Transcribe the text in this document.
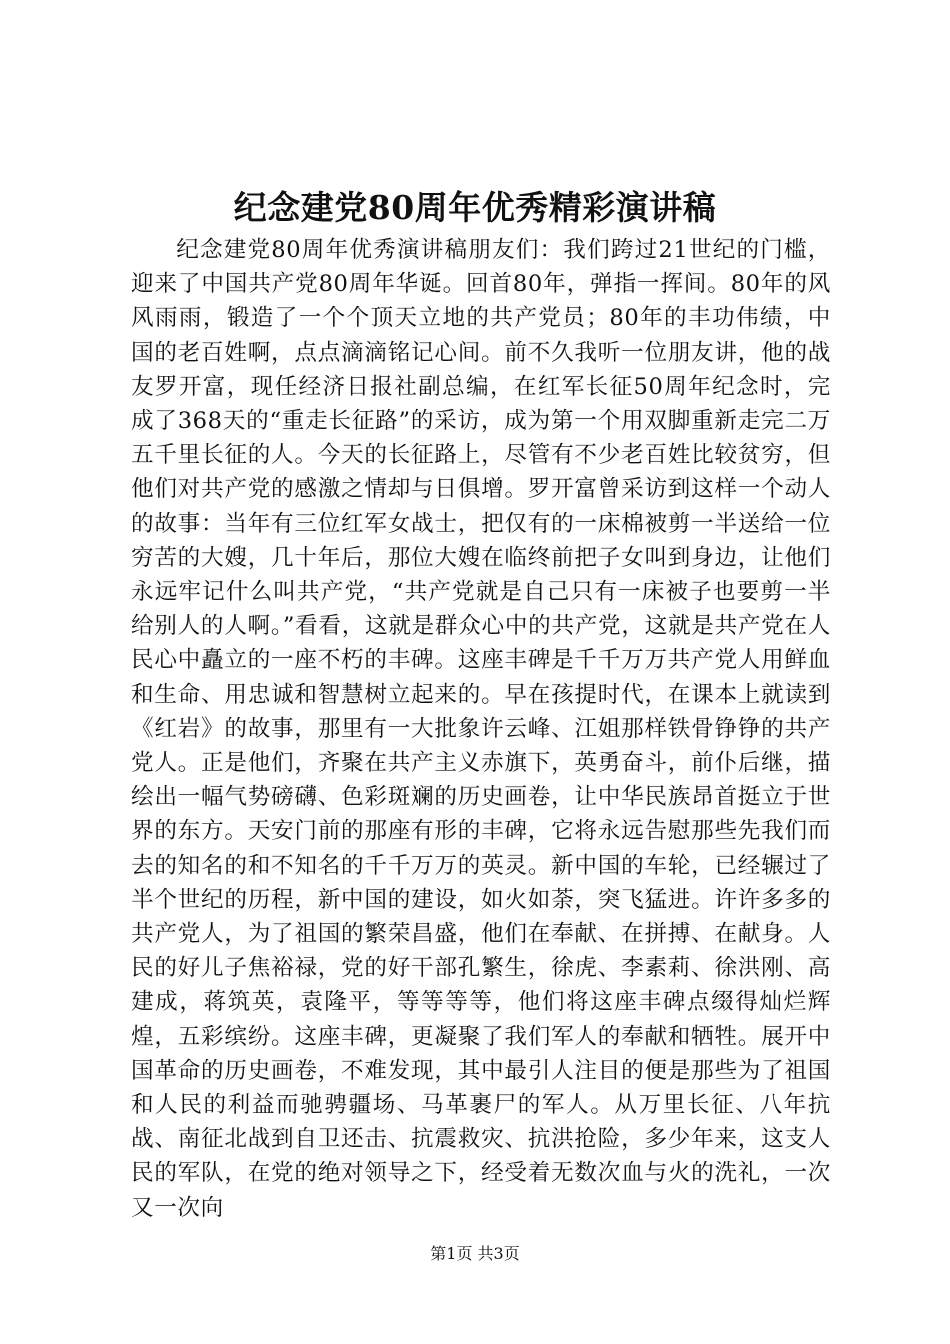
纪念建党80周年优秀精彩演讲稿

纪念建党80周年优秀演讲稿朋友们：我们跨过21世纪的门槛，迎来了中国共产党80周年华诞。回首80年，弹指一挥间。80年的风风雨雨，锻造了一个个顶天立地的共产党员；80年的丰功伟绩，中国的老百姓啊，点点滴滴铭记心间。前不久我听一位朋友讲，他的战友罗开富，现任经济日报社副总编，在红军长征50周年纪念时，完成了368天的“重走长征路”的采访，成为第一个用双脚重新走完二万五千里长征的人。今天的长征路上，尽管有不少老百姓比较贫穷，但他们对共产党的感激之情却与日俱增。罗开富曾采访到这样一个动人的故事：当年有三位红军女战士，把仅有的一床棉被剪一半送给一位穷苦的大嫂，几十年后，那位大嫂在临终前把子女叫到身边，让他们永远牢记什么叫共产党，“共产党就是自己只有一床被子也要剪一半给别人的人啊。”看看，这就是群众心中的共产党，这就是共产党在人民心中矗立的一座不朽的丰碑。这座丰碑是千千万万共产党人用鲜血和生命、用忠诚和智慧树立起来的。早在孩提时代，在课本上就读到《红岩》的故事，那里有一大批象许云峰、江姐那样铁骨铮铮的共产党人。正是他们，齐聚在共产主义赤旗下，英勇奋斗，前仆后继，描绘出一幅气势磅礴、色彩斑斓的历史画卷，让中华民族昂首挺立于世界的东方。天安门前的那座有形的丰碑，它将永远告慰那些先我们而去的知名的和不知名的千千万万的英灵。新中国的车轮，已经辗过了半个世纪的历程，新中国的建设，如火如荼，突飞猛进。许许多多的共产党人，为了祖国的繁荣昌盛，他们在奉献、在拼搏、在献身。人民的好儿子焦裕禄，党的好干部孔繁生，徐虎、李素莉、徐洪刚、高建成，蒋筑英，袁隆平，等等等等，他们将这座丰碑点缀得灿烂辉煌，五彩缤纷。这座丰碑，更凝聚了我们军人的奉献和牺牲。展开中国革命的历史画卷，不难发现，其中最引人注目的便是那些为了祖国和人民的利益而驰骋疆场、马革裹尸的军人。从万里长征、八年抗战、南征北战到自卫还击、抗震救灾、抗洪抢险，多少年来，这支人民的军队，在党的绝对领导之下，经受着无数次血与火的洗礼，一次又一次向

第1页 共3页
